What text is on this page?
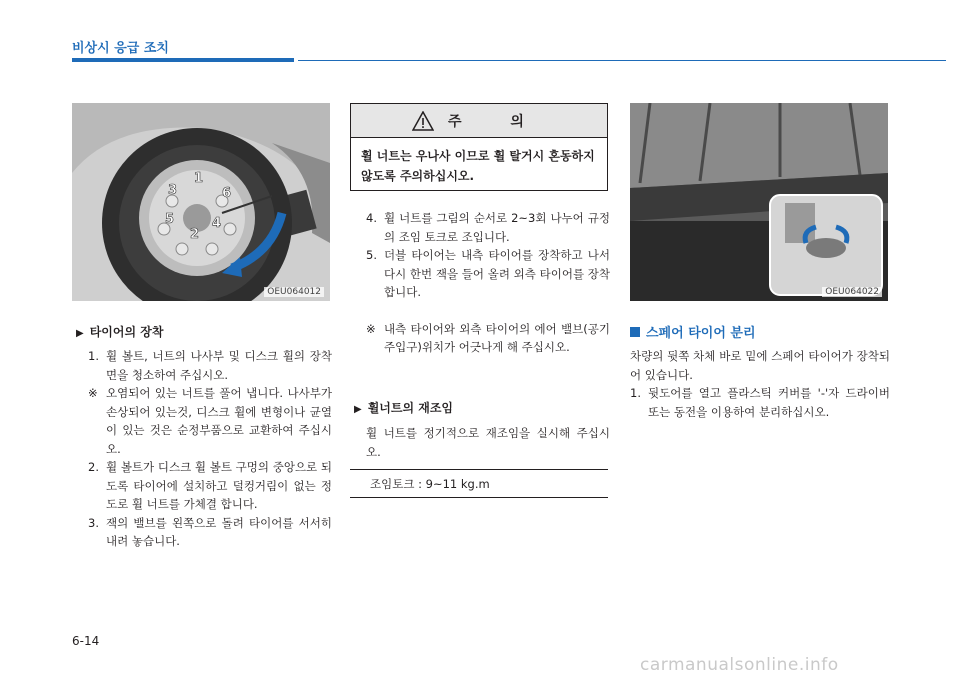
비상시 응급 조치
1
6
4
2
5
3
OEU064012
▶ 타이어의 장착
1. 휠 볼트, 너트의 나사부 및 디스크 휠의 장착면을 청소하여 주십시오.
※ 오염되어 있는 너트를 풀어 냅니다. 나사부가 손상되어 있는것, 디스크 휠에 변형이나 균열이 있는 것은 순정부품으로 교환하여 주십시오.
2. 휠 볼트가 디스크 휠 볼트 구멍의 중앙으로 되도록 타이어에 설치하고 덜컹거림이 없는 정도로 휠 너트를 가체결 합니다.
3. 잭의 밸브를 왼쪽으로 돌려 타이어를 서서히 내려 놓습니다.
주 의
휠 너트는 우나사 이므로 휠 탈거시 혼동하지 않도록 주의하십시오.
4. 휠 너트를 그림의 순서로 2~3회 나누어 규정의 조임 토크로 조입니다.
5. 더블 타이어는 내측 타이어를 장착하고 나서 다시 한번 잭을 들어 올려 외측 타이어를 장착합니다.
※ 내측 타이어와 외측 타이어의 에어 밸브(공기주입구)위치가 어긋나게 해 주십시오.
▶ 휠너트의 재조임
휠 너트를 정기적으로 재조임을 실시해 주십시오.
조임토크 : 9~11 kg.m
OEU064022
스페어 타이어 분리
차량의 뒷쪽 차체 바로 밑에 스페어 타이어가 장착되어 있습니다.
1. 뒷도어를 열고 플라스틱 커버를 '-'자 드라이버 또는 동전을 이용하여 분리하십시오.
6-14
carmanualsonline.info
